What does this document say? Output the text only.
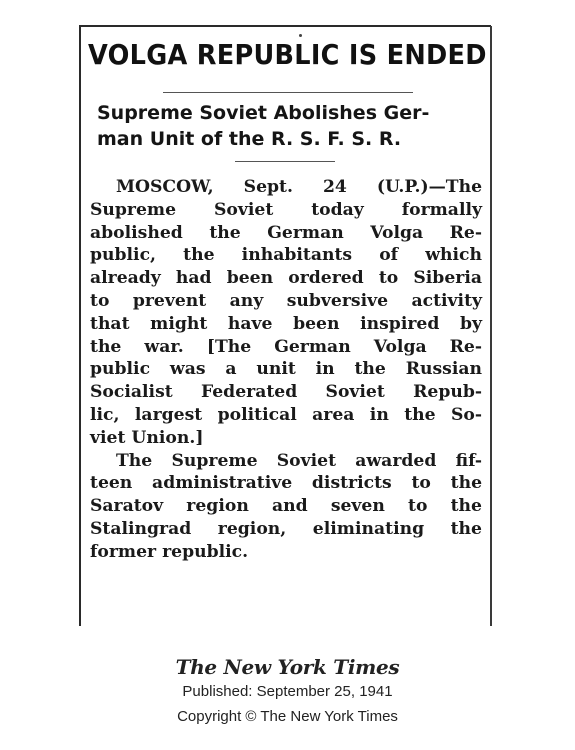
VOLGA REPUBLIC IS ENDED
Supreme Soviet Abolishes Ger-
man Unit of the R. S. F. S. R.
MOSCOW, Sept. 24 (U.P.)—The
Supreme Soviet today formally
abolished the German Volga Re-
public, the inhabitants of which
already had been ordered to Siberia
to prevent any subversive activity
that might have been inspired by
the war. [The German Volga Re-
public was a unit in the Russian
Socialist Federated Soviet Repub-
lic, largest political area in the So-
viet Union.]
The Supreme Soviet awarded fif-
teen administrative districts to the
Saratov region and seven to the
Stalingrad region, eliminating the
former republic.
The New York Times
Published: September 25, 1941
Copyright © The New York Times
